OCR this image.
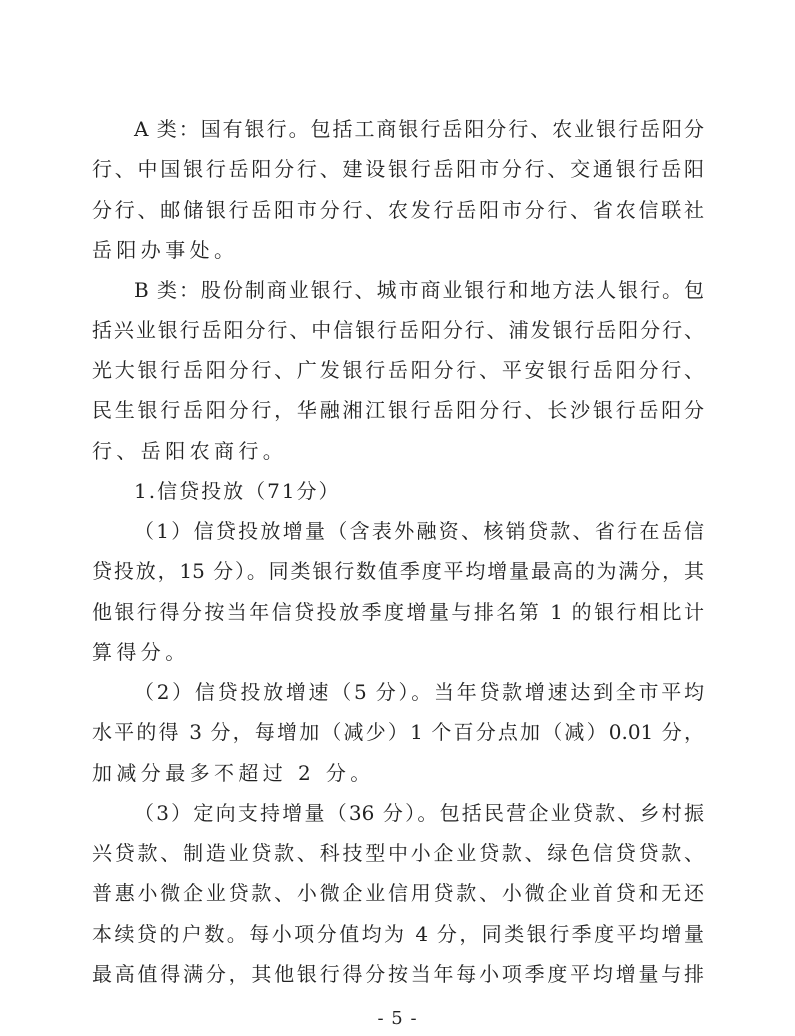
A 类：国有银行。包括工商银行岳阳分行、农业银行岳阳分
行、中国银行岳阳分行、建设银行岳阳市分行、交通银行岳阳
分行、邮储银行岳阳市分行、农发行岳阳市分行、省农信联社
岳阳办事处。
B 类：股份制商业银行、城市商业银行和地方法人银行。包
括兴业银行岳阳分行、中信银行岳阳分行、浦发银行岳阳分行、
光大银行岳阳分行、广发银行岳阳分行、平安银行岳阳分行、
民生银行岳阳分行，华融湘江银行岳阳分行、长沙银行岳阳分
行、岳阳农商行。
1.信贷投放（71分）
（1）信贷投放增量（含表外融资、核销贷款、省行在岳信
贷投放，15 分）。同类银行数值季度平均增量最高的为满分，其
他银行得分按当年信贷投放季度增量与排名第 1 的银行相比计
算得分。
（2）信贷投放增速（5 分）。当年贷款增速达到全市平均
水平的得 3 分，每增加（减少）1 个百分点加（减）0.01 分，
加减分最多不超过 2 分。
（3）定向支持增量（36 分）。包括民营企业贷款、乡村振
兴贷款、制造业贷款、科技型中小企业贷款、绿色信贷贷款、
普惠小微企业贷款、小微企业信用贷款、小微企业首贷和无还
本续贷的户数。每小项分值均为 4 分，同类银行季度平均增量
最高值得满分，其他银行得分按当年每小项季度平均增量与排
- 5 -
